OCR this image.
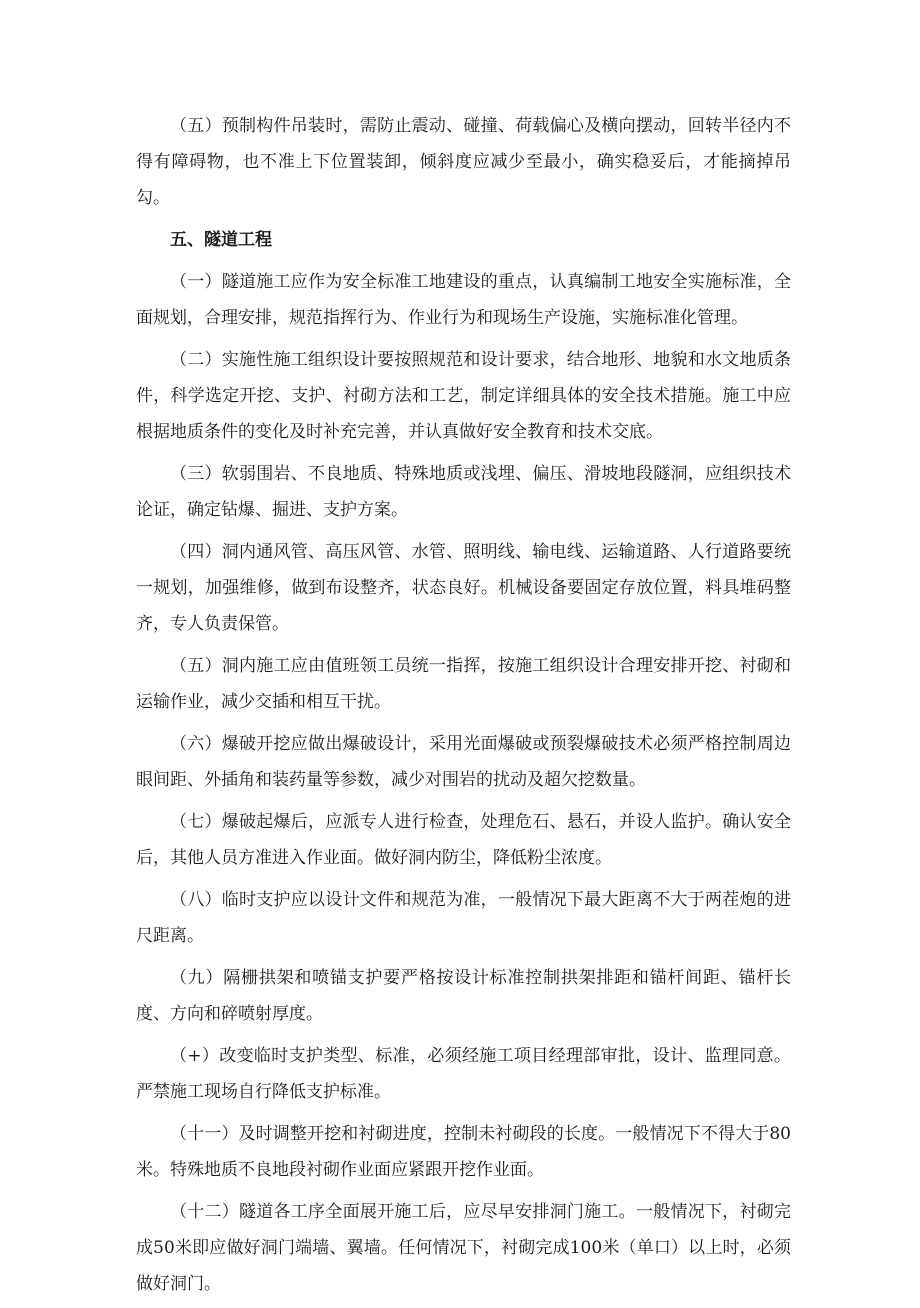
（五）预制构件吊装时，需防止震动、碰撞、荷载偏心及横向摆动，回转半径内不得有障碍物，也不准上下位置装卸，倾斜度应减少至最小，确实稳妥后，才能摘掉吊勾。

五、隧道工程

（一）隧道施工应作为安全标准工地建设的重点，认真编制工地安全实施标准，全面规划，合理安排，规范指挥行为、作业行为和现场生产设施，实施标准化管理。

（二）实施性施工组织设计要按照规范和设计要求，结合地形、地貌和水文地质条件，科学选定开挖、支护、衬砌方法和工艺，制定详细具体的安全技术措施。施工中应根据地质条件的变化及时补充完善，并认真做好安全教育和技术交底。

（三）软弱围岩、不良地质、特殊地质或浅埋、偏压、滑坡地段隧洞，应组织技术论证，确定钻爆、掘进、支护方案。

（四）洞内通风管、高压风管、水管、照明线、输电线、运输道路、人行道路要统一规划，加强维修，做到布设整齐，状态良好。机械设备要固定存放位置，料具堆码整齐，专人负责保管。

（五）洞内施工应由值班领工员统一指挥，按施工组织设计合理安排开挖、衬砌和运输作业，减少交插和相互干扰。

（六）爆破开挖应做出爆破设计，采用光面爆破或预裂爆破技术必须严格控制周边眼间距、外插角和装药量等参数，减少对围岩的扰动及超欠挖数量。

（七）爆破起爆后，应派专人进行检查，处理危石、悬石，并设人监护。确认安全后，其他人员方准进入作业面。做好洞内防尘，降低粉尘浓度。

（八）临时支护应以设计文件和规范为准，一般情况下最大距离不大于两茬炮的进尺距离。

（九）隔栅拱架和喷锚支护要严格按设计标准控制拱架排距和锚杆间距、锚杆长度、方向和碎喷射厚度。

（+）改变临时支护类型、标准，必须经施工项目经理部审批，设计、监理同意。严禁施工现场自行降低支护标准。

（十一）及时调整开挖和衬砌进度，控制未衬砌段的长度。一般情况下不得大于80米。特殊地质不良地段衬砌作业面应紧跟开挖作业面。

（十二）隧道各工序全面展开施工后，应尽早安排洞门施工。一般情况下，衬砌完成50米即应做好洞门端墙、翼墙。任何情况下，衬砌完成100米（单口）以上时，必须做好洞门。
